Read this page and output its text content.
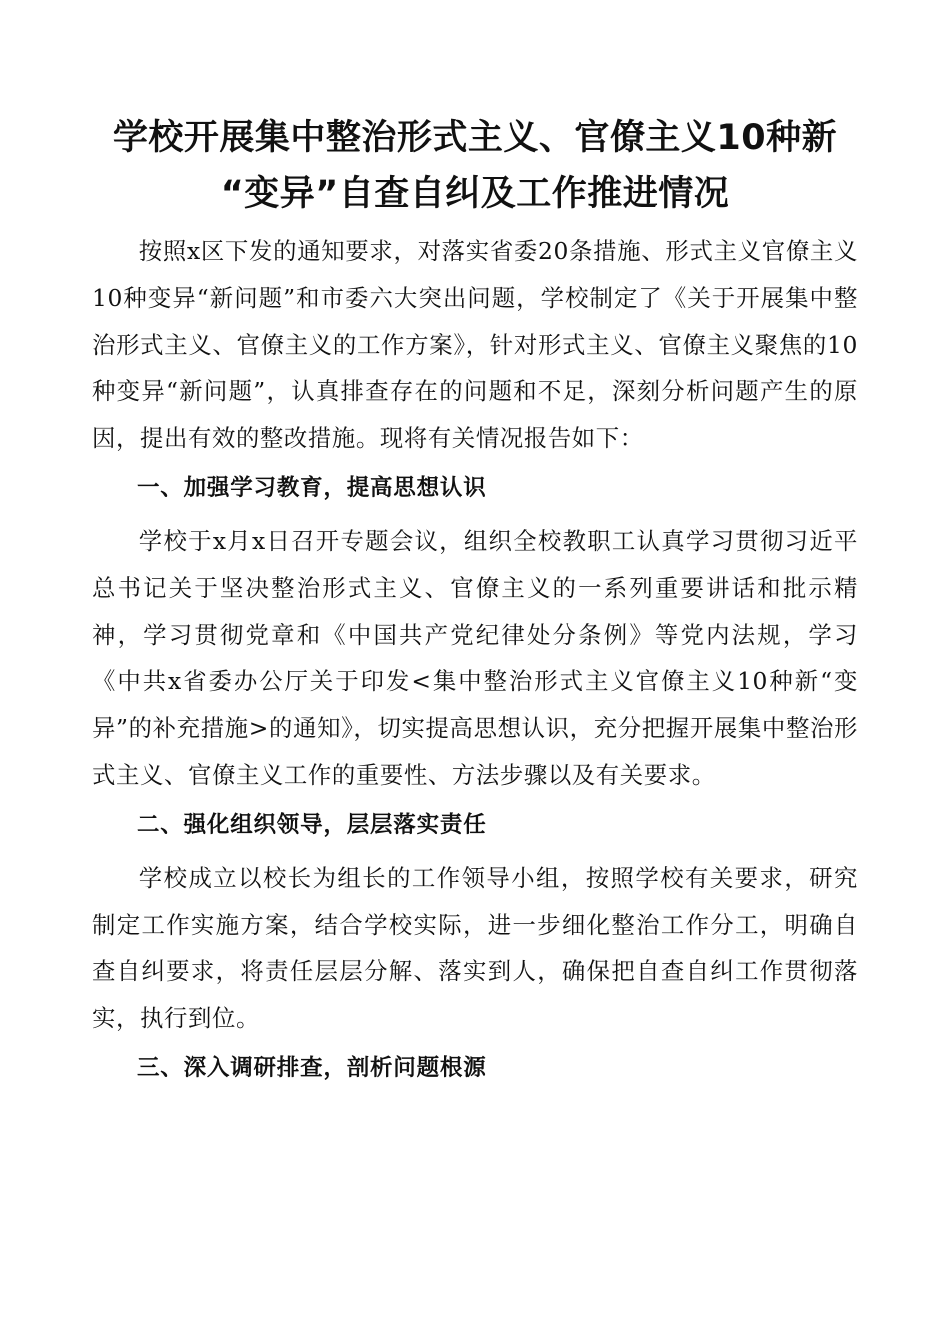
学校开展集中整治形式主义、官僚主义10种新
“变异”自查自纠及工作推进情况

按照x区下发的通知要求，对落实省委20条措施、形式主义官僚主义10种变异“新问题”和市委六大突出问题，学校制定了《关于开展集中整治形式主义、官僚主义的工作方案》，针对形式主义、官僚主义聚焦的10种变异“新问题”，认真排查存在的问题和不足，深刻分析问题产生的原因，提出有效的整改措施。现将有关情况报告如下：

一、加强学习教育，提高思想认识

学校于x月x日召开专题会议，组织全校教职工认真学习贯彻习近平总书记关于坚决整治形式主义、官僚主义的一系列重要讲话和批示精神，学习贯彻党章和《中国共产党纪律处分条例》等党内法规，学习《中共x省委办公厅关于印发<集中整治形式主义官僚主义10种新“变异”的补充措施>的通知》，切实提高思想认识，充分把握开展集中整治形式主义、官僚主义工作的重要性、方法步骤以及有关要求。

二、强化组织领导，层层落实责任

学校成立以校长为组长的工作领导小组，按照学校有关要求，研究制定工作实施方案，结合学校实际，进一步细化整治工作分工，明确自查自纠要求，将责任层层分解、落实到人，确保把自查自纠工作贯彻落实，执行到位。

三、深入调研排查，剖析问题根源
